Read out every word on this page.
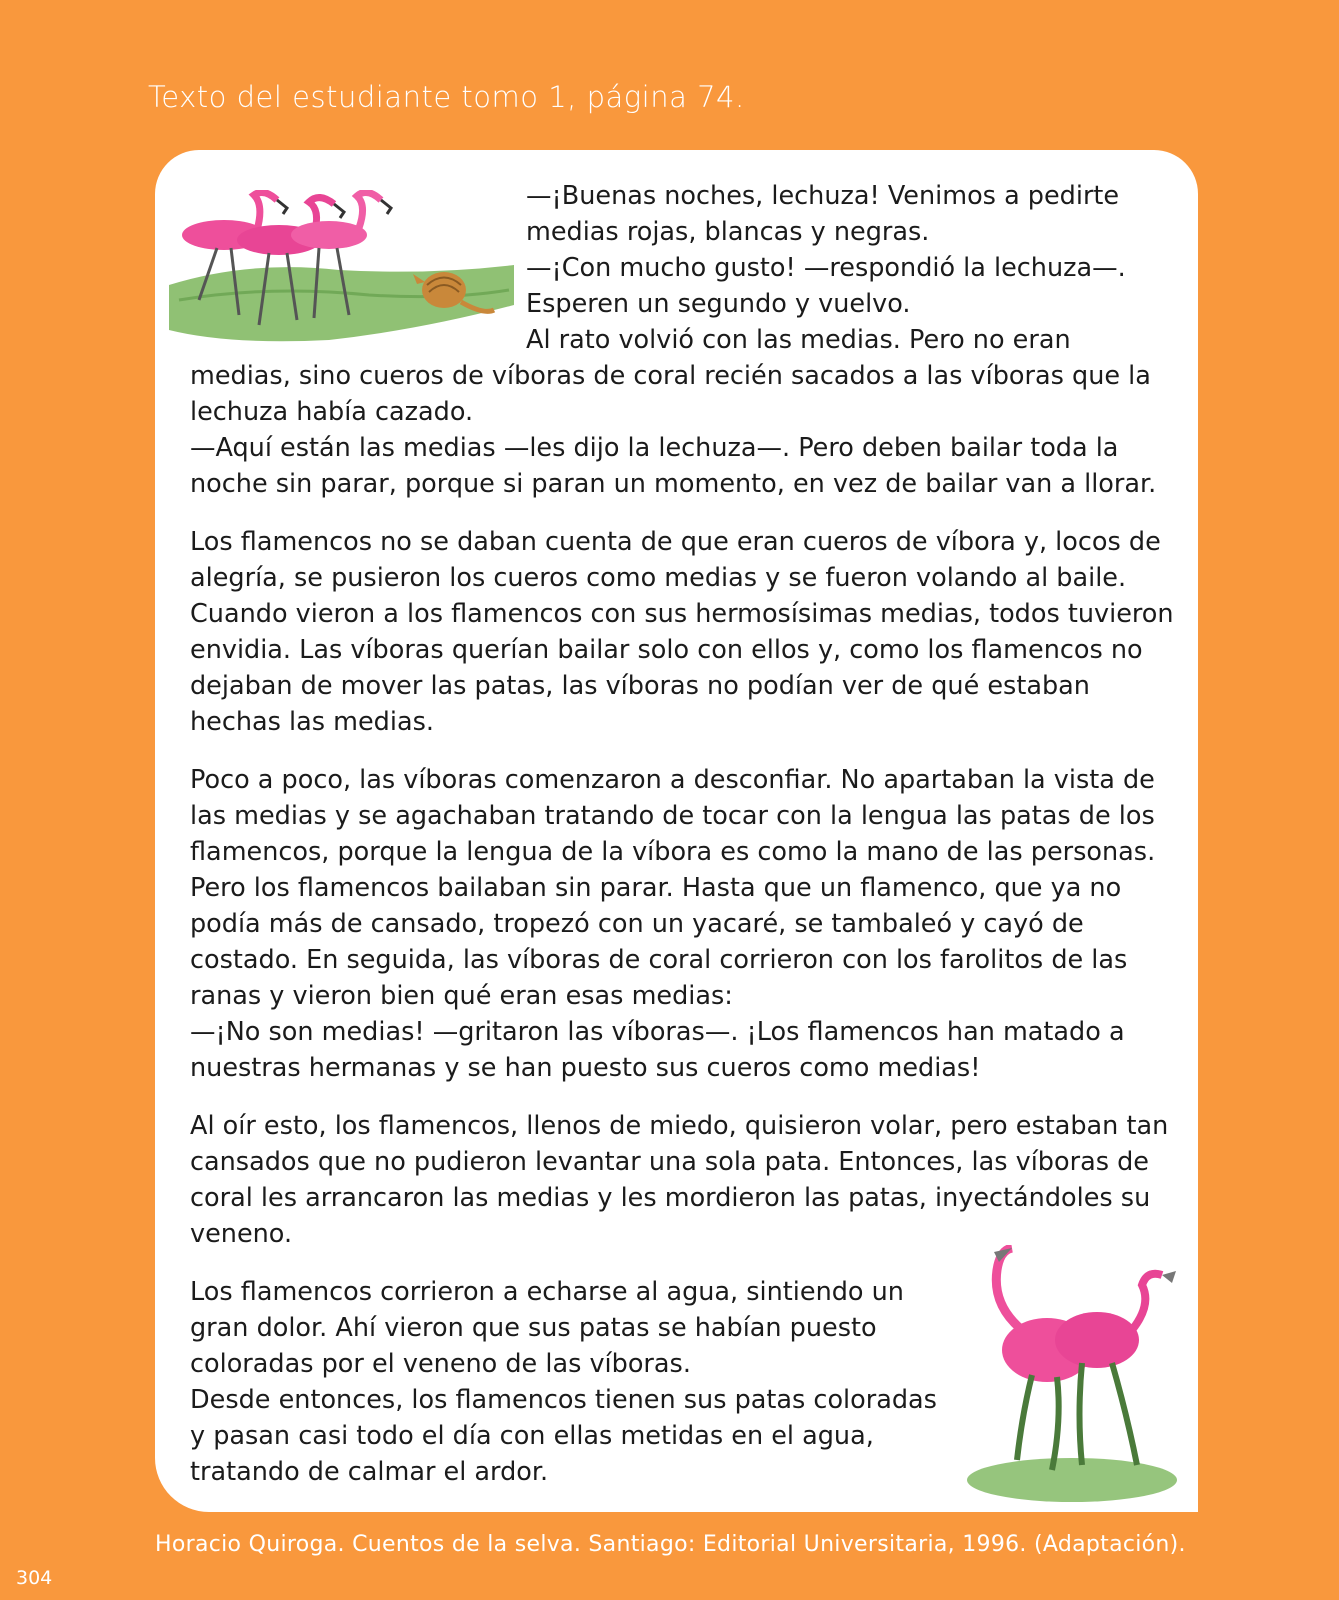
Texto del estudiante tomo 1, página 74.

—¡Buenas noches, lechuza! Venimos a pedirte

medias rojas, blancas y negras.

—¡Con mucho gusto! —respondió la lechuza—.

Esperen un segundo y vuelvo.

Al rato volvió con las medias. Pero no eran

medias, sino cueros de víboras de coral recién sacados a las víboras que la lechuza había cazado.

—Aquí están las medias —les dijo la lechuza—. Pero deben bailar toda la noche sin parar, porque si paran un momento, en vez de bailar van a llorar.

Los flamencos no se daban cuenta de que eran cueros de víbora y, locos de alegría, se pusieron los cueros como medias y se fueron volando al baile. Cuando vieron a los flamencos con sus hermosísimas medias, todos tuvieron envidia. Las víboras querían bailar solo con ellos y, como los flamencos no dejaban de mover las patas, las víboras no podían ver de qué estaban hechas las medias.

Poco a poco, las víboras comenzaron a desconfiar. No apartaban la vista de las medias y se agachaban tratando de tocar con la lengua las patas de los flamencos, porque la lengua de la víbora es como la mano de las personas. Pero los flamencos bailaban sin parar. Hasta que un flamenco, que ya no podía más de cansado, tropezó con un yacaré, se tambaleó y cayó de costado. En seguida, las víboras de coral corrieron con los farolitos de las ranas y vieron bien qué eran esas medias:

—¡No son medias! —gritaron las víboras—. ¡Los flamencos han matado a nuestras hermanas y se han puesto sus cueros como medias!

Al oír esto, los flamencos, llenos de miedo, quisieron volar, pero estaban tan cansados que no pudieron levantar una sola pata. Entonces, las víboras de coral les arrancaron las medias y les mordieron las patas, inyectándoles su veneno.

Los flamencos corrieron a echarse al agua, sintiendo un gran dolor. Ahí vieron que sus patas se habían puesto coloradas por el veneno de las víboras.

Desde entonces, los flamencos tienen sus patas coloradas y pasan casi todo el día con ellas metidas en el agua, tratando de calmar el ardor.

Horacio Quiroga. Cuentos de la selva. Santiago: Editorial Universitaria, 1996. (Adaptación).
304
